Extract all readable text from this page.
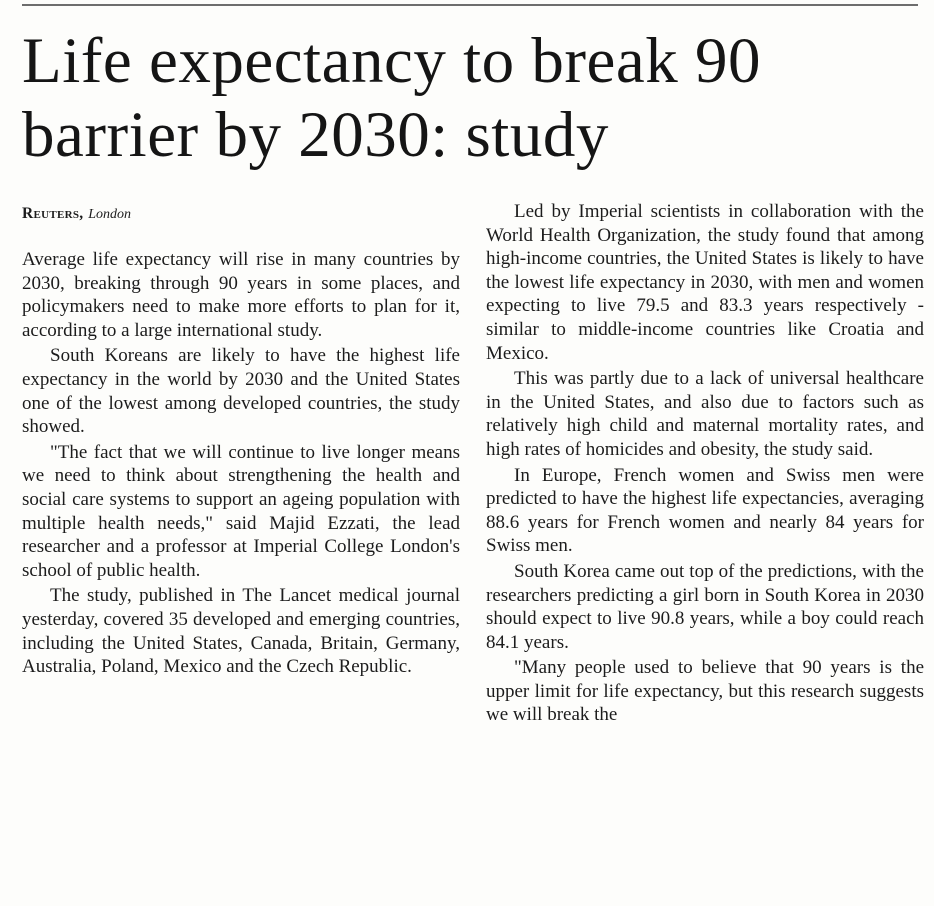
Life expectancy to break 90 barrier by 2030: study
Reuters, London

Average life expectancy will rise in many countries by 2030, breaking through 90 years in some places, and policymakers need to make more efforts to plan for it, according to a large international study.

South Koreans are likely to have the highest life expectancy in the world by 2030 and the United States one of the lowest among developed countries, the study showed.

"The fact that we will continue to live longer means we need to think about strengthening the health and social care systems to support an ageing population with multiple health needs," said Majid Ezzati, the lead researcher and a professor at Imperial College London's school of public health.

The study, published in The Lancet medical journal yesterday, covered 35 developed and emerging countries, including the United States, Canada, Britain, Germany, Australia, Poland, Mexico and the Czech Republic.

Led by Imperial scientists in collaboration with the World Health Organization, the study found that among high-income countries, the United States is likely to have the lowest life expectancy in 2030, with men and women expecting to live 79.5 and 83.3 years respectively - similar to middle-income countries like Croatia and Mexico.

This was partly due to a lack of universal healthcare in the United States, and also due to factors such as relatively high child and maternal mortality rates, and high rates of homicides and obesity, the study said.

In Europe, French women and Swiss men were predicted to have the highest life expectancies, averaging 88.6 years for French women and nearly 84 years for Swiss men.

South Korea came out top of the predictions, with the researchers predicting a girl born in South Korea in 2030 should expect to live 90.8 years, while a boy could reach 84.1 years.

"Many people used to believe that 90 years is the upper limit for life expectancy, but this research suggests we will break the
